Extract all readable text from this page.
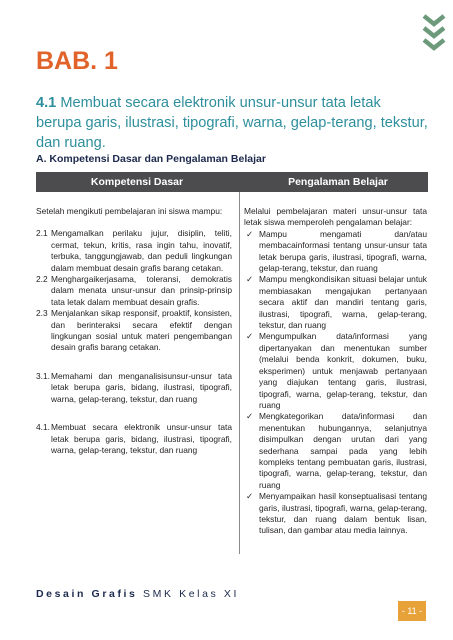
BAB. 1

4.1 Membuat secara elektronik unsur-unsur tata letak berupa garis, ilustrasi, tipografi, warna, gelap-terang, tekstur, dan ruang.

A. Kompetensi Dasar dan Pengalaman Belajar

Kompetensi Dasar	Pengalaman Belajar

Setelah mengikuti pembelajaran ini siswa mampu:

2.1 Mengamalkan perilaku jujur, disiplin, teliti, cermat, tekun, kritis, rasa ingin tahu, inovatif, terbuka, tanggungjawab, dan peduli lingkungan dalam membuat desain grafis barang cetakan.

2.2 Menghargaikerjasama, toleransi, demokratis dalam menata unsur-unsur dan prinsip-prinsip tata letak dalam membuat desain grafis.

2.3 Menjalankan sikap responsif, proaktif, konsisten, dan berinteraksi secara efektif dengan lingkungan sosial untuk materi pengembangan desain grafis barang cetakan.

3.1. Memahami dan menganalisisunsur-unsur tata letak berupa garis, bidang, ilustrasi, tipografi, warna, gelap-terang, tekstur, dan ruang

4.1. Membuat secara elektronik unsur-unsur tata letak berupa garis, bidang, ilustrasi, tipografi, warna, gelap-terang, tekstur, dan ruang

Melalui pembelajaran materi unsur-unsur tata letak siswa memperoleh pengalaman belajar:

✓ Mampu mengamati dan/atau membacainformasi tentang unsur-unsur tata letak berupa garis, ilustrasi, tipografi, warna, gelap-terang, tekstur, dan ruang

✓ Mampu mengkondisikan situasi belajar untuk membiasakan mengajukan pertanyaan secara aktif dan mandiri tentang garis, ilustrasi, tipografi, warna, gelap-terang, tekstur, dan ruang

✓ Mengumpulkan data/informasi yang dipertanyakan dan menentukan sumber (melalui benda konkrit, dokumen, buku, eksperimen) untuk menjawab pertanyaan yang diajukan tentang garis, ilustrasi, tipografi, warna, gelap-terang, tekstur, dan ruang

✓ Mengkategorikan data/informasi dan menentukan hubungannya, selanjutnya disimpulkan dengan urutan dari yang sederhana sampai pada yang lebih kompleks tentang pembuatan garis, ilustrasi, tipografi, warna, gelap-terang, tekstur, dan ruang

✓ Menyampaikan hasil konseptualisasi tentang garis, ilustrasi, tipografi, warna, gelap-terang, tekstur, dan ruang dalam bentuk lisan, tulisan, dan gambar atau media lainnya.

Desain Grafis SMK Kelas XI

- 11 -
